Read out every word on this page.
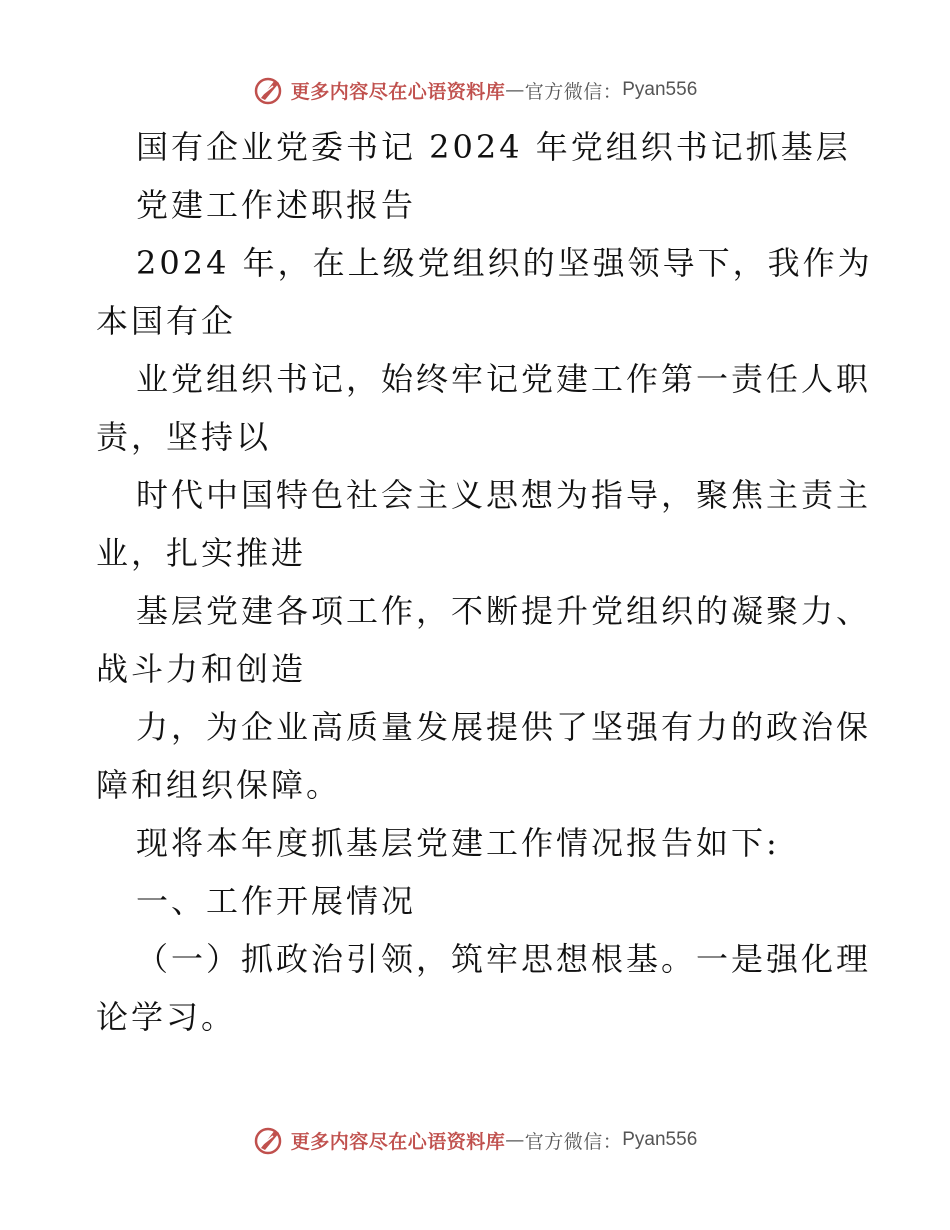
更多内容尽在心语资料库 — 官方微信： Pyan556
国有企业党委书记 2024 年党组织书记抓基层
党建工作述职报告
2024 年，在上级党组织的坚强领导下，我作为
本国有企
业党组织书记，始终牢记党建工作第一责任人职
责，坚持以
时代中国特色社会主义思想为指导，聚焦主责主
业，扎实推进
基层党建各项工作，不断提升党组织的凝聚力、
战斗力和创造
力，为企业高质量发展提供了坚强有力的政治保
障和组织保障。
现将本年度抓基层党建工作情况报告如下:
一、工作开展情况
（一）抓政治引领，筑牢思想根基。一是强化理
论学习。
更多内容尽在心语资料库 — 官方微信： Pyan556
